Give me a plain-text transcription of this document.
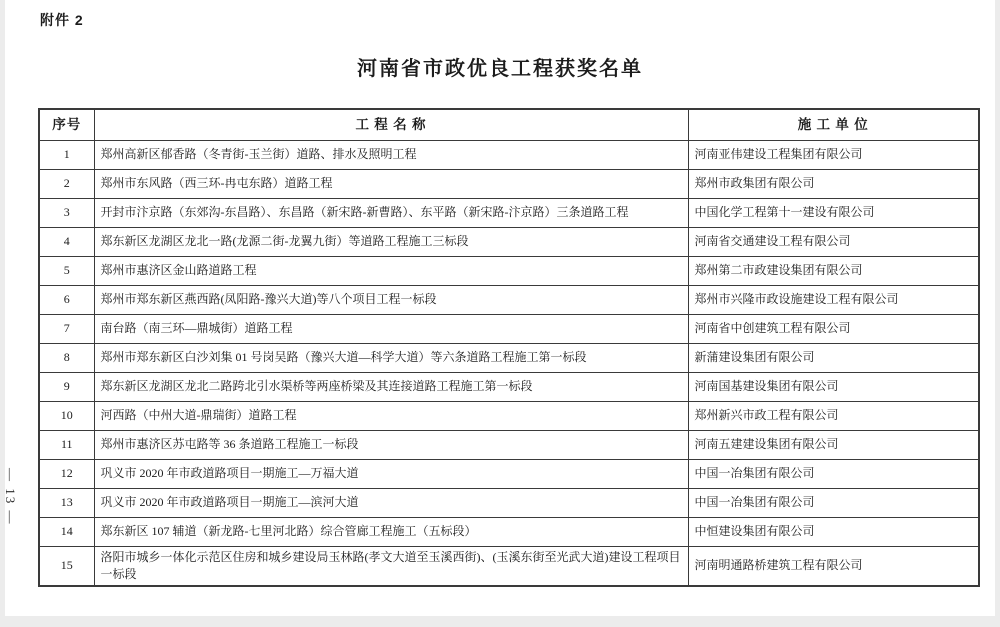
附件 2
河南省市政优良工程获奖名单
— 13 —
序号	工 程 名 称	施 工 单 位
1	郑州高新区郁香路（冬青街-玉兰街）道路、排水及照明工程	河南亚伟建设工程集团有限公司
2	郑州市东风路（西三环-冉屯东路）道路工程	郑州市政集团有限公司
3	开封市汴京路（东郊沟-东昌路）、东昌路（新宋路-新曹路）、东平路（新宋路-汴京路）三条道路工程	中国化学工程第十一建设有限公司
4	郑东新区龙湖区龙北一路(龙源二街-龙翼九街）等道路工程施工三标段	河南省交通建设工程有限公司
5	郑州市惠济区金山路道路工程	郑州第二市政建设集团有限公司
6	郑州市郑东新区燕西路(凤阳路-豫兴大道)等八个项目工程一标段	郑州市兴隆市政设施建设工程有限公司
7	南台路（南三环—鼎城街）道路工程	河南省中创建筑工程有限公司
8	郑州市郑东新区白沙刘集 01 号岗吴路（豫兴大道—科学大道）等六条道路工程施工第一标段	新蒲建设集团有限公司
9	郑东新区龙湖区龙北二路跨北引水渠桥等两座桥梁及其连接道路工程施工第一标段	河南国基建设集团有限公司
10	河西路（中州大道-鼎瑞街）道路工程	郑州新兴市政工程有限公司
11	郑州市惠济区苏屯路等 36 条道路工程施工一标段	河南五建建设集团有限公司
12	巩义市 2020 年市政道路项目一期施工—万福大道	中国一冶集团有限公司
13	巩义市 2020 年市政道路项目一期施工—滨河大道	中国一冶集团有限公司
14	郑东新区 107 辅道（新龙路-七里河北路）综合管廊工程施工（五标段）	中恒建设集团有限公司
15	洛阳市城乡一体化示范区住房和城乡建设局玉林路(孝文大道至玉溪西街)、(玉溪东街至光武大道)建设工程项目一标段	河南明通路桥建筑工程有限公司
